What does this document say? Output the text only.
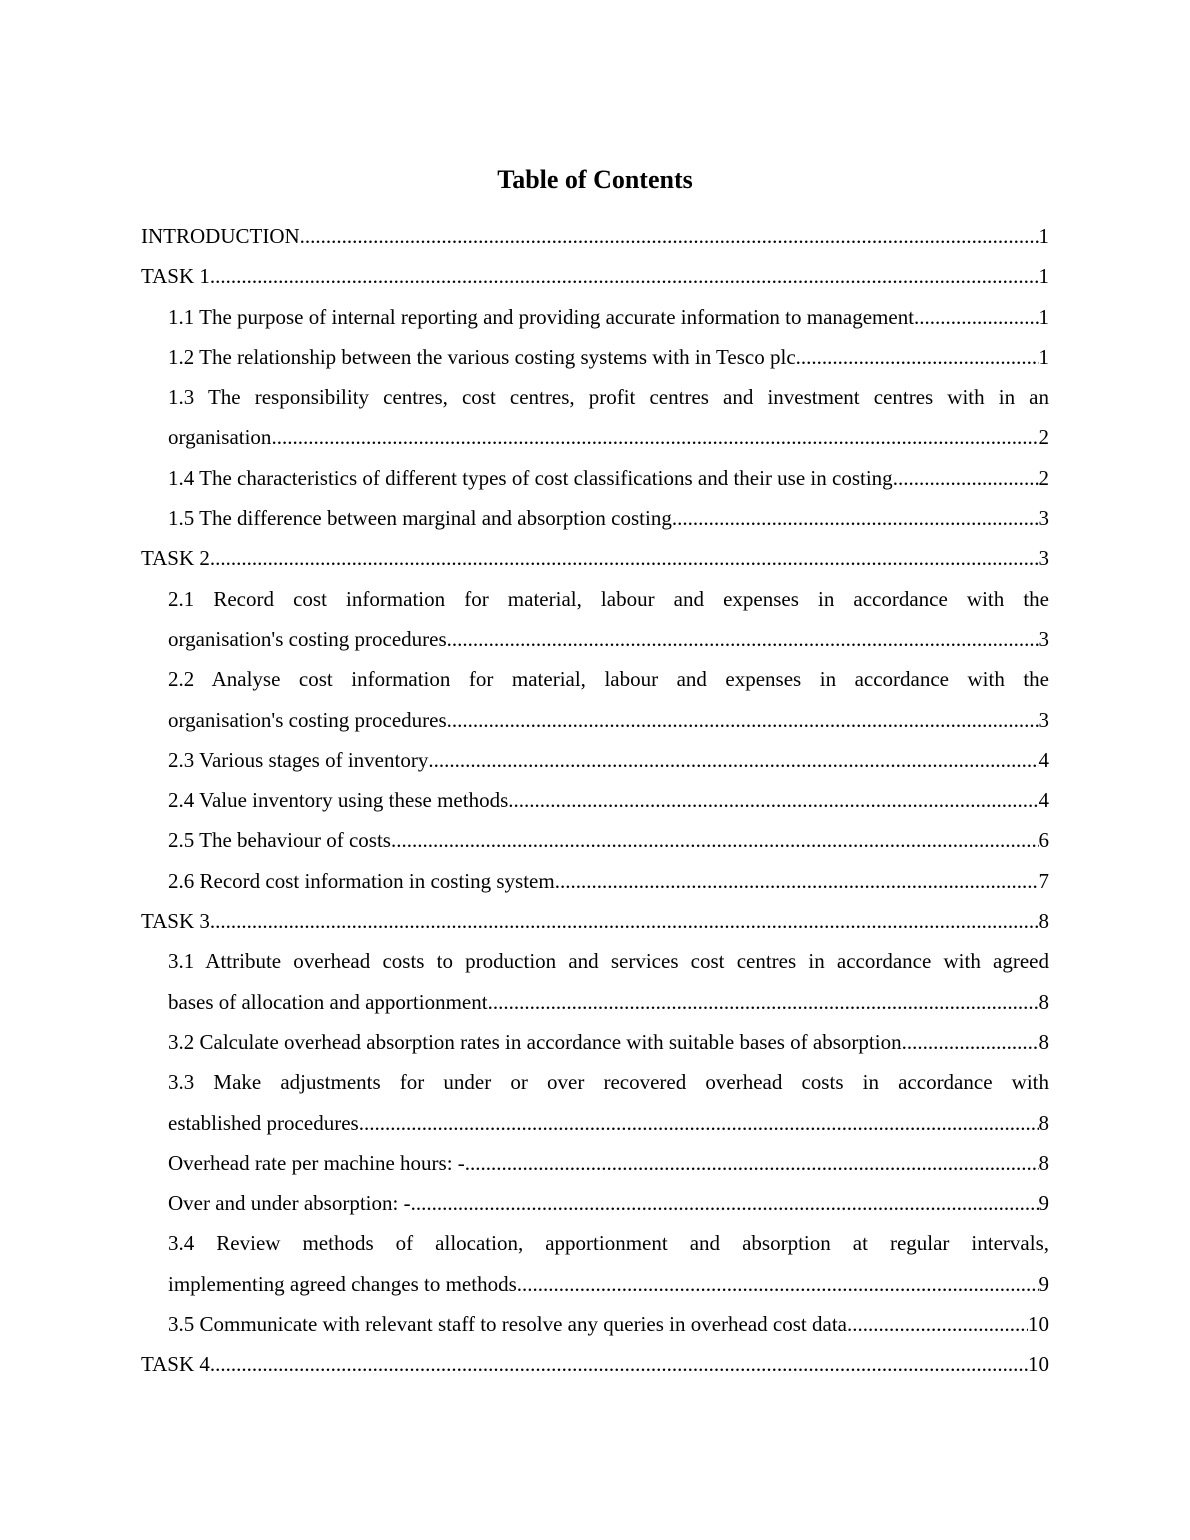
Table of Contents
INTRODUCTION .....	1
TASK 1 .....	1
1.1 The purpose of internal reporting and providing accurate information to management .....	1
1.2 The relationship between the various costing systems with in Tesco plc .....	1
1.3 The responsibility centres, cost centres, profit centres and investment centres with in an
organisation .....	2
1.4 The characteristics of different types of cost classifications and their use in costing .....	2
1.5 The difference between marginal and absorption costing .....	3
TASK 2 .....	3
2.1 Record cost information for material, labour and expenses in accordance with the
organisation's costing procedures .....	3
2.2 Analyse cost information for material, labour and expenses in accordance with the
organisation's costing procedures .....	3
2.3 Various stages of inventory .....	4
2.4 Value inventory using these methods .....	4
2.5 The behaviour of costs .....	6
2.6 Record cost information in costing system .....	7
TASK 3 .....	8
3.1 Attribute overhead costs to production and services cost centres in accordance with agreed
bases of allocation and apportionment .....	8
3.2 Calculate overhead absorption rates in accordance with suitable bases of absorption .....	8
3.3 Make adjustments for under or over recovered overhead costs in accordance with
established procedures .....	8
Overhead rate per machine hours: - .....	8
Over and under absorption: - .....	9
3.4 Review methods of allocation, apportionment and absorption at regular intervals,
implementing agreed changes to methods .....	9
3.5 Communicate with relevant staff to resolve any queries in overhead cost data .....	10
TASK 4 .....	10
